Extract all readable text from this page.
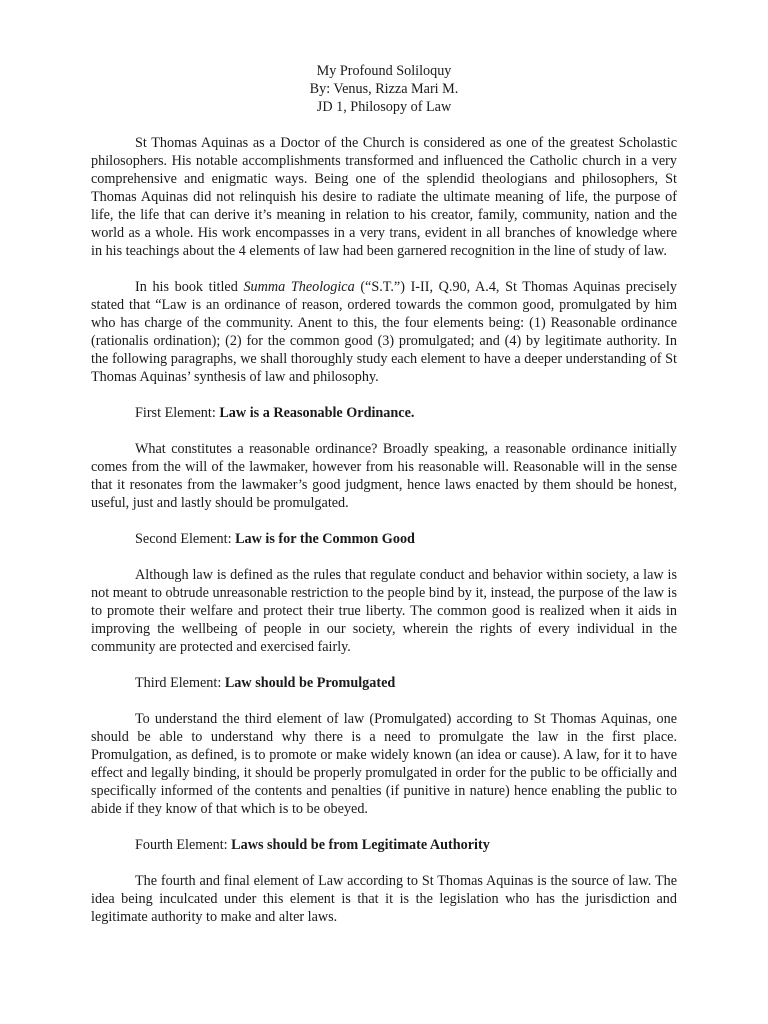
My Profound Soliloquy
By: Venus, Rizza Mari M.
JD 1, Philosopy of Law

St Thomas Aquinas as a Doctor of the Church is considered as one of the greatest Scholastic philosophers. His notable accomplishments transformed and influenced the Catholic church in a very comprehensive and enigmatic ways. Being one of the splendid theologians and philosophers, St Thomas Aquinas did not relinquish his desire to radiate the ultimate meaning of life, the purpose of life, the life that can derive it’s meaning in relation to his creator, family, community, nation and the world as a whole. His work encompasses in a very trans, evident in all branches of knowledge where in his teachings about the 4 elements of law had been garnered recognition in the line of study of law.

In his book titled Summa Theologica (“S.T.”) I-II, Q.90, A.4, St Thomas Aquinas precisely stated that “Law is an ordinance of reason, ordered towards the common good, promulgated by him who has charge of the community. Anent to this, the four elements being: (1) Reasonable ordinance (rationalis ordination); (2) for the common good (3) promulgated; and (4) by legitimate authority. In the following paragraphs, we shall thoroughly study each element to have a deeper understanding of St Thomas Aquinas’ synthesis of law and philosophy.

First Element: Law is a Reasonable Ordinance.

What constitutes a reasonable ordinance? Broadly speaking, a reasonable ordinance initially comes from the will of the lawmaker, however from his reasonable will. Reasonable will in the sense that it resonates from the lawmaker’s good judgment, hence laws enacted by them should be honest, useful, just and lastly should be promulgated.

Second Element: Law is for the Common Good

Although law is defined as the rules that regulate conduct and behavior within society, a law is not meant to obtrude unreasonable restriction to the people bind by it, instead, the purpose of the law is to promote their welfare and protect their true liberty. The common good is realized when it aids in improving the wellbeing of people in our society, wherein the rights of every individual in the community are protected and exercised fairly.

Third Element: Law should be Promulgated

To understand the third element of law (Promulgated) according to St Thomas Aquinas, one should be able to understand why there is a need to promulgate the law in the first place. Promulgation, as defined, is to promote or make widely known (an idea or cause). A law, for it to have effect and legally binding, it should be properly promulgated in order for the public to be officially and specifically informed of the contents and penalties (if punitive in nature) hence enabling the public to abide if they know of that which is to be obeyed.

Fourth Element: Laws should be from Legitimate Authority

The fourth and final element of Law according to St Thomas Aquinas is the source of law. The idea being inculcated under this element is that it is the legislation who has the jurisdiction and legitimate authority to make and alter laws.
